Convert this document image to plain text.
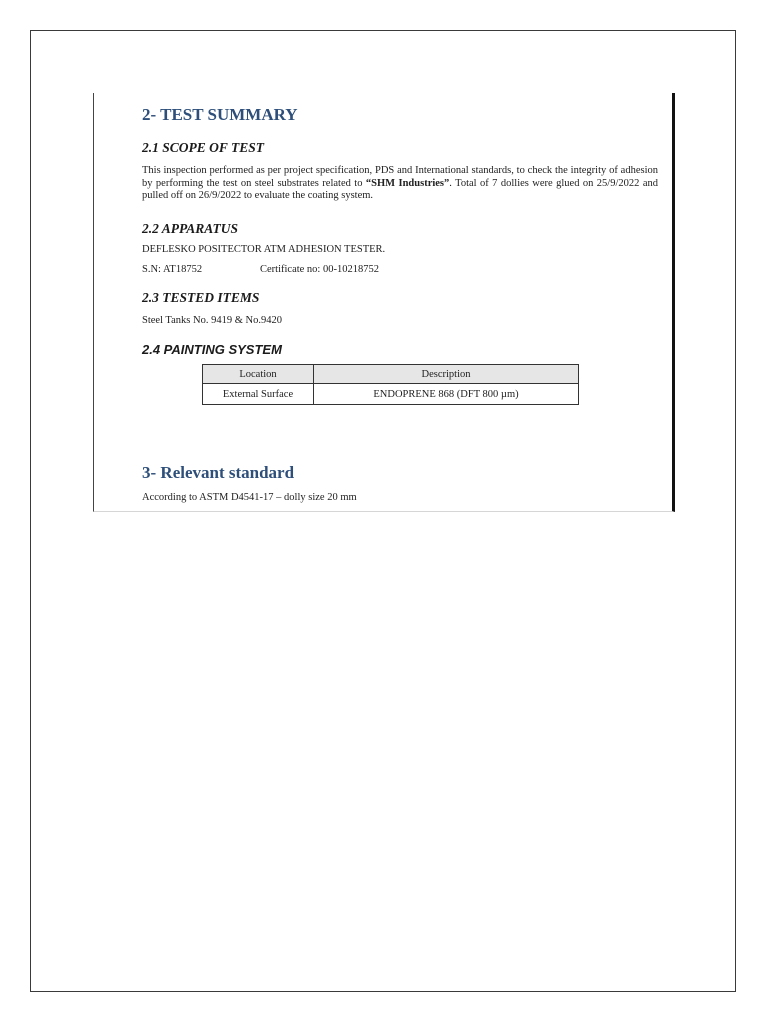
2- TEST SUMMARY
2.1 SCOPE OF TEST
This inspection performed as per project specification, PDS and International standards, to check the integrity of adhesion by performing the test on steel substrates related to “SHM Industries”. Total of 7 dollies were glued on 25/9/2022 and pulled off on 26/9/2022 to evaluate the coating system.
2.2 APPARATUS
DEFLESKO POSITECTOR ATM ADHESION TESTER.
S.N: AT18752	Certificate no: 00-10218752
2.3 TESTED ITEMS
Steel Tanks No. 9419 & No.9420
2.4 PAINTING SYSTEM
Location	Description
External Surface	ENDOPRENE 868 (DFT 800 µm)
3- Relevant standard
According to ASTM D4541-17 – dolly size 20 mm
